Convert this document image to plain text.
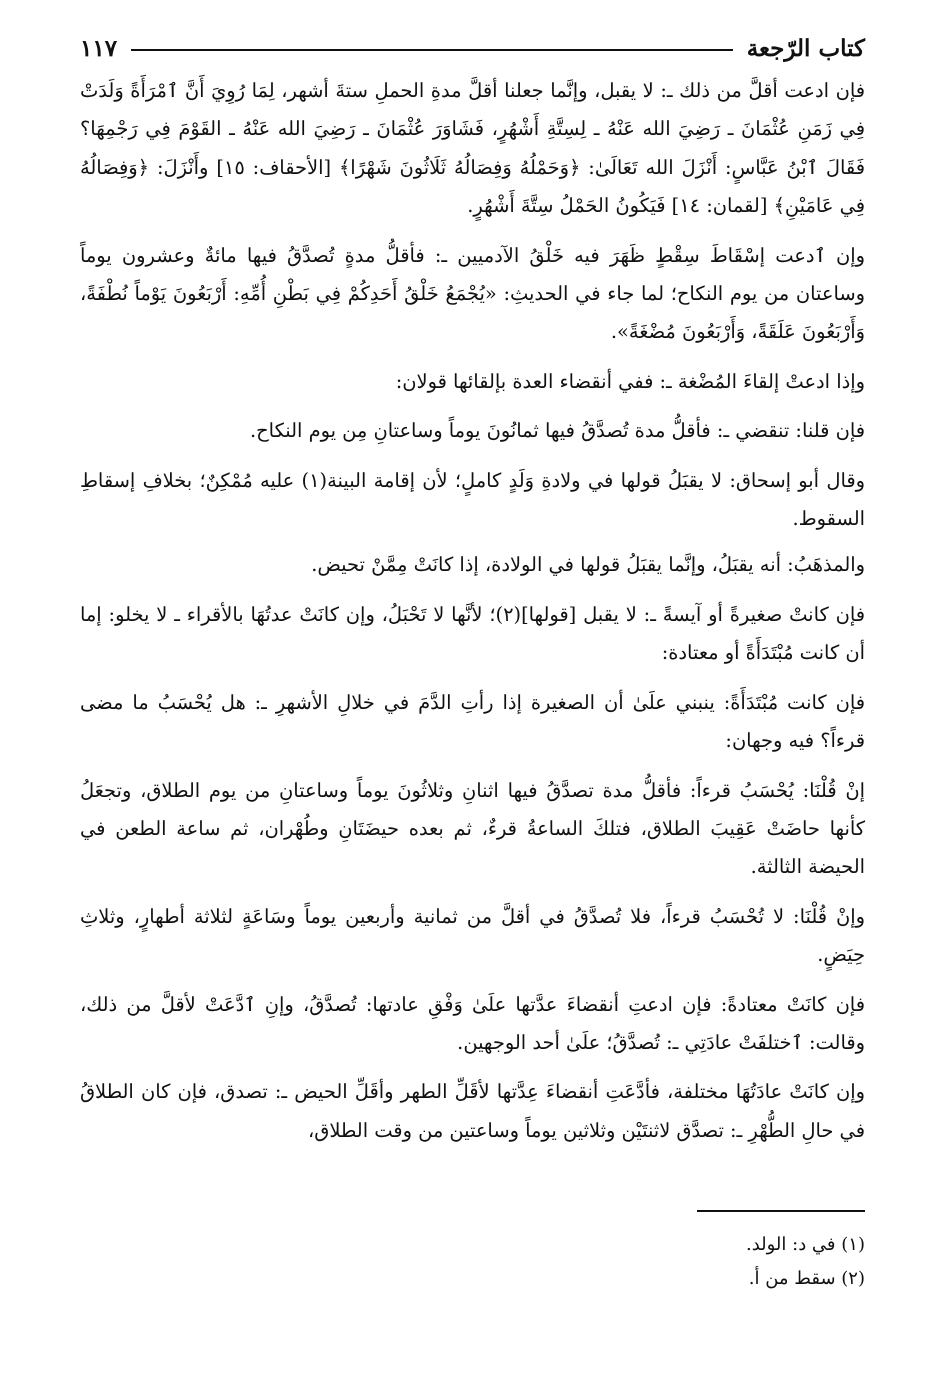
كتاب الرّجعة
١١٧

فإن ادعت أقلَّ من ذلك ـ: لا يقبل، وإنَّما جعلنا أقلَّ مدةِ الحملِ ستةَ أشهر، لِمَا رُوِيَ أَنَّ ٱمْرَأَةً وَلَدَتْ فِي زَمَنِ عُثْمَانَ ـ رَضِيَ الله عَنْهُ ـ لِسِتَّةِ أَشْهُرٍ، فَشَاوَرَ عُثْمَانَ ـ رَضِيَ الله عَنْهُ ـ القَوْمَ فِي رَجْمِهَا؟ فَقَالَ ٱبْنُ عَبَّاسٍ: أَنْزَلَ الله تَعَالَىٰ: ﴿وَحَمْلُهُ وَفِصَالُهُ ثَلَاثُونَ شَهْرًا﴾ [الأحقاف: ١٥] وأَنْزَلَ: ﴿وَفِصَالُهُ فِي عَامَيْنِ﴾ [لقمان: ١٤] فَيَكُونُ الحَمْلُ سِتَّةَ أَشْهُرٍ.

وإن ٱدعت إسْقَاطَ سِقْطٍ ظَهَرَ فيه خَلْقُ الآدميين ـ: فأقلُّ مدةٍ تُصدَّقُ فيها مائةٌ وعشرون يوماً وساعتان من يوم النكاح؛ لما جاء في الحديثِ: «يُجْمَعُ خَلْقُ أَحَدِكُمْ فِي بَطْنِ أُمِّهِ: أَرْبَعُونَ يَوْماً نُطْفَةً، وَأَرْبَعُونَ عَلَقَةً، وَأَرْبَعُونَ مُضْغَةً».

وإذا ادعتْ إلقاءَ المُضْغة ـ: ففي أنقضاء العدة بإلقائها قولان:

فإن قلنا: تنقضي ـ: فأقلُّ مدة تُصدَّقُ فيها ثمانُونَ يوماً وساعتانِ مِن يوم النكاح.

وقال أبو إسحاق: لا يقبَلُ قولها في ولادةِ وَلَدٍ كاملٍ؛ لأن إقامة البينة(١) عليه مُمْكِنٌ؛ بخلافِ إسقاطِ السقوط.

والمذهَبُ: أنه يقبَلُ، وإنَّما يقبَلُ قولها في الولادة، إذا كانَتْ مِمَّنْ تحيض.

فإن كانتْ صغيرةً أو آيسةً ـ: لا يقبل [قولها](٢)؛ لأنَّها لا تَحْبَلُ، وإن كانَتْ عدتُهَا بالأقراء ـ لا يخلو: إما أن كانت مُبْتَدَأَةً أو معتادة:

فإن كانت مُبْتَدَأَةً: ينبني علَىٰ أن الصغيرة إذا رأتِ الدَّمَ في خلالِ الأشهرِ ـ: هل يُحْسَبُ ما مضى قرءاً؟ فيه وجهان:

إنْ قُلْنَا: يُحْسَبُ قرءاً: فأقلُّ مدة تصدَّقُ فيها اثنانِ وثلاثُونَ يوماً وساعتانِ من يوم الطلاق، وتجعَلُ كأنها حاضَتْ عَقِيبَ الطلاق، فتلكَ الساعةُ قرءٌ، ثم بعده حيضَتَانِ وطُهْران، ثم ساعة الطعن في الحيضة الثالثة.

وإنْ قُلْنَا: لا تُحْسَبُ قرءاً، فلا تُصدَّقُ في أقلَّ من ثمانية وأربعين يوماً وسَاعَةٍ لثلاثة أطهارٍ، وثلاثِ حِيَضٍ.

فإن كانَتْ معتادةً: فإن ادعتِ أنقضاءَ عدَّتها علَىٰ وَفْقِ عادتها: تُصدَّقُ، وإنِ ٱدَّعَتْ لأقلَّ من ذلك، وقالت: ٱختلفَتْ عادَتِي ـ: تُصدَّقُ؛ علَىٰ أحد الوجهين.

وإن كانَتْ عادَتُهَا مختلفة، فأدَّعَتِ أنقضاءَ عِدَّتها لأقَلِّ الطهر وأقَلِّ الحيض ـ: تصدق، فإن كان الطلاقُ في حالِ الطُّهْرِ ـ: تصدَّق لاثنتَيْن وثلاثين يوماً وساعتين من وقت الطلاق،

(١) في د: الولد.
(٢) سقط من أ.
